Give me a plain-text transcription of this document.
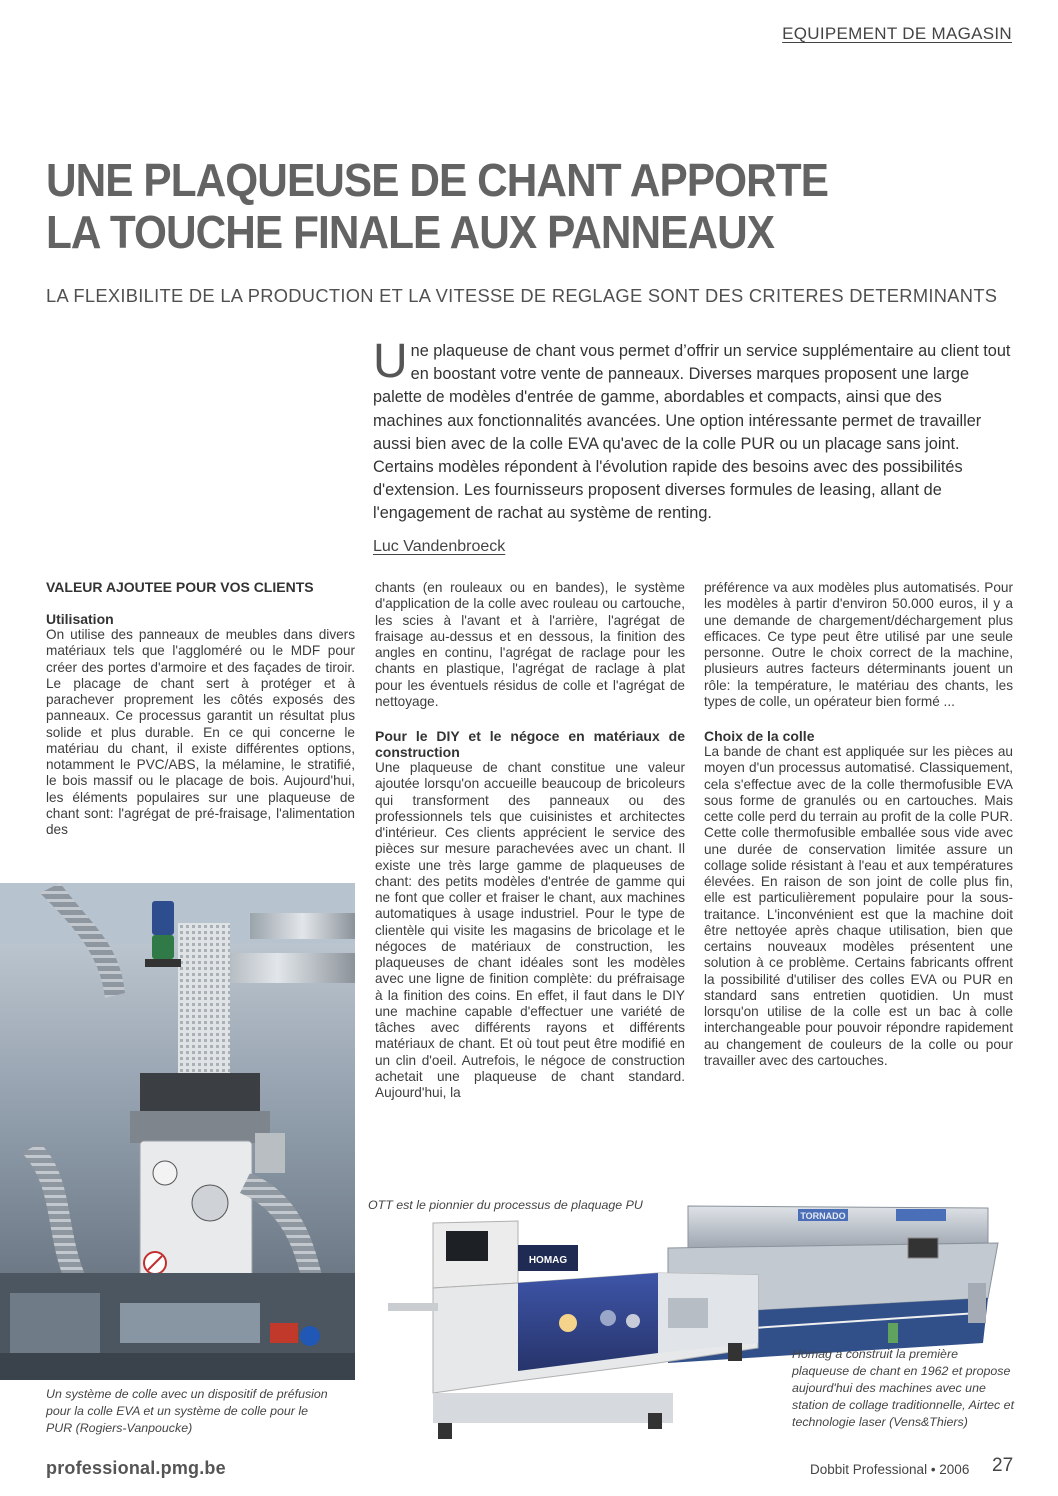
EQUIPEMENT DE MAGASIN
UNE PLAQUEUSE DE CHANT APPORTE
LA TOUCHE FINALE AUX PANNEAUX
LA FLEXIBILITE DE LA PRODUCTION ET LA VITESSE DE REGLAGE SONT DES CRITERES DETERMINANTS
Une plaqueuse de chant vous permet d’offrir un service supplémentaire au client tout en boostant votre vente de panneaux. Diverses marques proposent une large palette de modèles d'entrée de gamme, abordables et compacts, ainsi que des machines aux fonctionnalités avancées. Une option intéressante permet de travailler aussi bien avec de la colle EVA qu'avec de la colle PUR ou un placage sans joint. Certains modèles répondent à l'évolution rapide des besoins avec des possibilités d'extension. Les fournisseurs proposent diverses formules de leasing, allant de l'engagement de rachat au système de renting.
Luc Vandenbroeck
VALEUR AJOUTEE POUR VOS CLIENTS
Utilisation

On utilise des panneaux de meubles dans divers matériaux tels que l'aggloméré ou le MDF pour créer des portes d'armoire et des façades de tiroir. Le placage de chant sert à protéger et à parachever proprement les côtés exposés des panneaux. Ce processus garantit un résultat plus solide et plus durable. En ce qui concerne le matériau du chant, il existe différentes options, notamment le PVC/ABS, la mélamine, le stratifié, le bois massif ou le placage de bois. Aujourd'hui, les éléments populaires sur une plaqueuse de chant sont: l'agrégat de pré-fraisage, l'alimentation des

chants (en rouleaux ou en bandes), le système d'application de la colle avec rouleau ou cartouche, les scies à l'avant et à l'arrière, l'agrégat de fraisage au-dessus et en dessous, la finition des angles en continu, l'agrégat de raclage pour les chants en plastique, l'agrégat de raclage à plat pour les éventuels résidus de colle et l'agrégat de nettoyage.

Pour le DIY et le négoce en matériaux de construction

Une plaqueuse de chant constitue une valeur ajoutée lorsqu'on accueille beaucoup de bricoleurs qui transforment des panneaux ou des professionnels tels que cuisinistes et architectes d'intérieur. Ces clients apprécient le service des pièces sur mesure parachevées avec un chant. Il existe une très large gamme de plaqueuses de chant: des petits modèles d'entrée de gamme qui ne font que coller et fraiser le chant, aux machines automatiques à usage industriel. Pour le type de clientèle qui visite les magasins de bricolage et le négoces de matériaux de construction, les plaqueuses de chant idéales sont les modèles avec une ligne de finition complète: du préfraisage à la finition des coins. En effet, il faut dans le DIY une machine capable d'effectuer une variété de tâches avec différents rayons et différents matériaux de chant. Et où tout peut être modifié en un clin d'oeil. Autrefois, le négoce de construction achetait une plaqueuse de chant standard. Aujourd'hui, la

préférence va aux modèles plus automatisés. Pour les modèles à partir d'environ 50.000 euros, il y a une demande de chargement/déchargement plus efficaces. Ce type peut être utilisé par une seule personne. Outre le choix correct de la machine, plusieurs autres facteurs déterminants jouent un rôle: la température, le matériau des chants, les types de colle, un opérateur bien formé ...

Choix de la colle

La bande de chant est appliquée sur les pièces au moyen d'un processus automatisé. Classiquement, cela s'effectue avec de la colle thermofusible EVA sous forme de granulés ou en cartouches. Mais cette colle perd du terrain au profit de la colle PUR. Cette colle thermofusible emballée sous vide avec une durée de conservation limitée assure un collage solide résistant à l'eau et aux températures élevées. En raison de son joint de colle plus fin, elle est particulièrement populaire pour la sous-traitance. L'inconvénient est que la machine doit être nettoyée après chaque utilisation, bien que certains nouveaux modèles présentent une solution à ce problème. Certains fabricants offrent la possibilité d'utiliser des colles EVA ou PUR en standard sans entretien quotidien. Un must lorsqu'on utilise de la colle est un bac à colle interchangeable pour pouvoir répondre rapidement au changement de couleurs de la colle ou pour travailler avec des cartouches.

Un système de colle avec un dispositif de préfusion pour la colle EVA et un système de colle pour le PUR (Rogiers-Vanpoucke)
OTT est le pionnier du processus de plaquage PU
TORNADO
HOMAG
Homag a construit la première plaqueuse de chant en 1962 et propose aujourd'hui des machines avec une station de collage traditionnelle, Airtec et technologie laser (Vens&Thiers)
professional.pmg.be	Dobbit Professional • 2006 27
